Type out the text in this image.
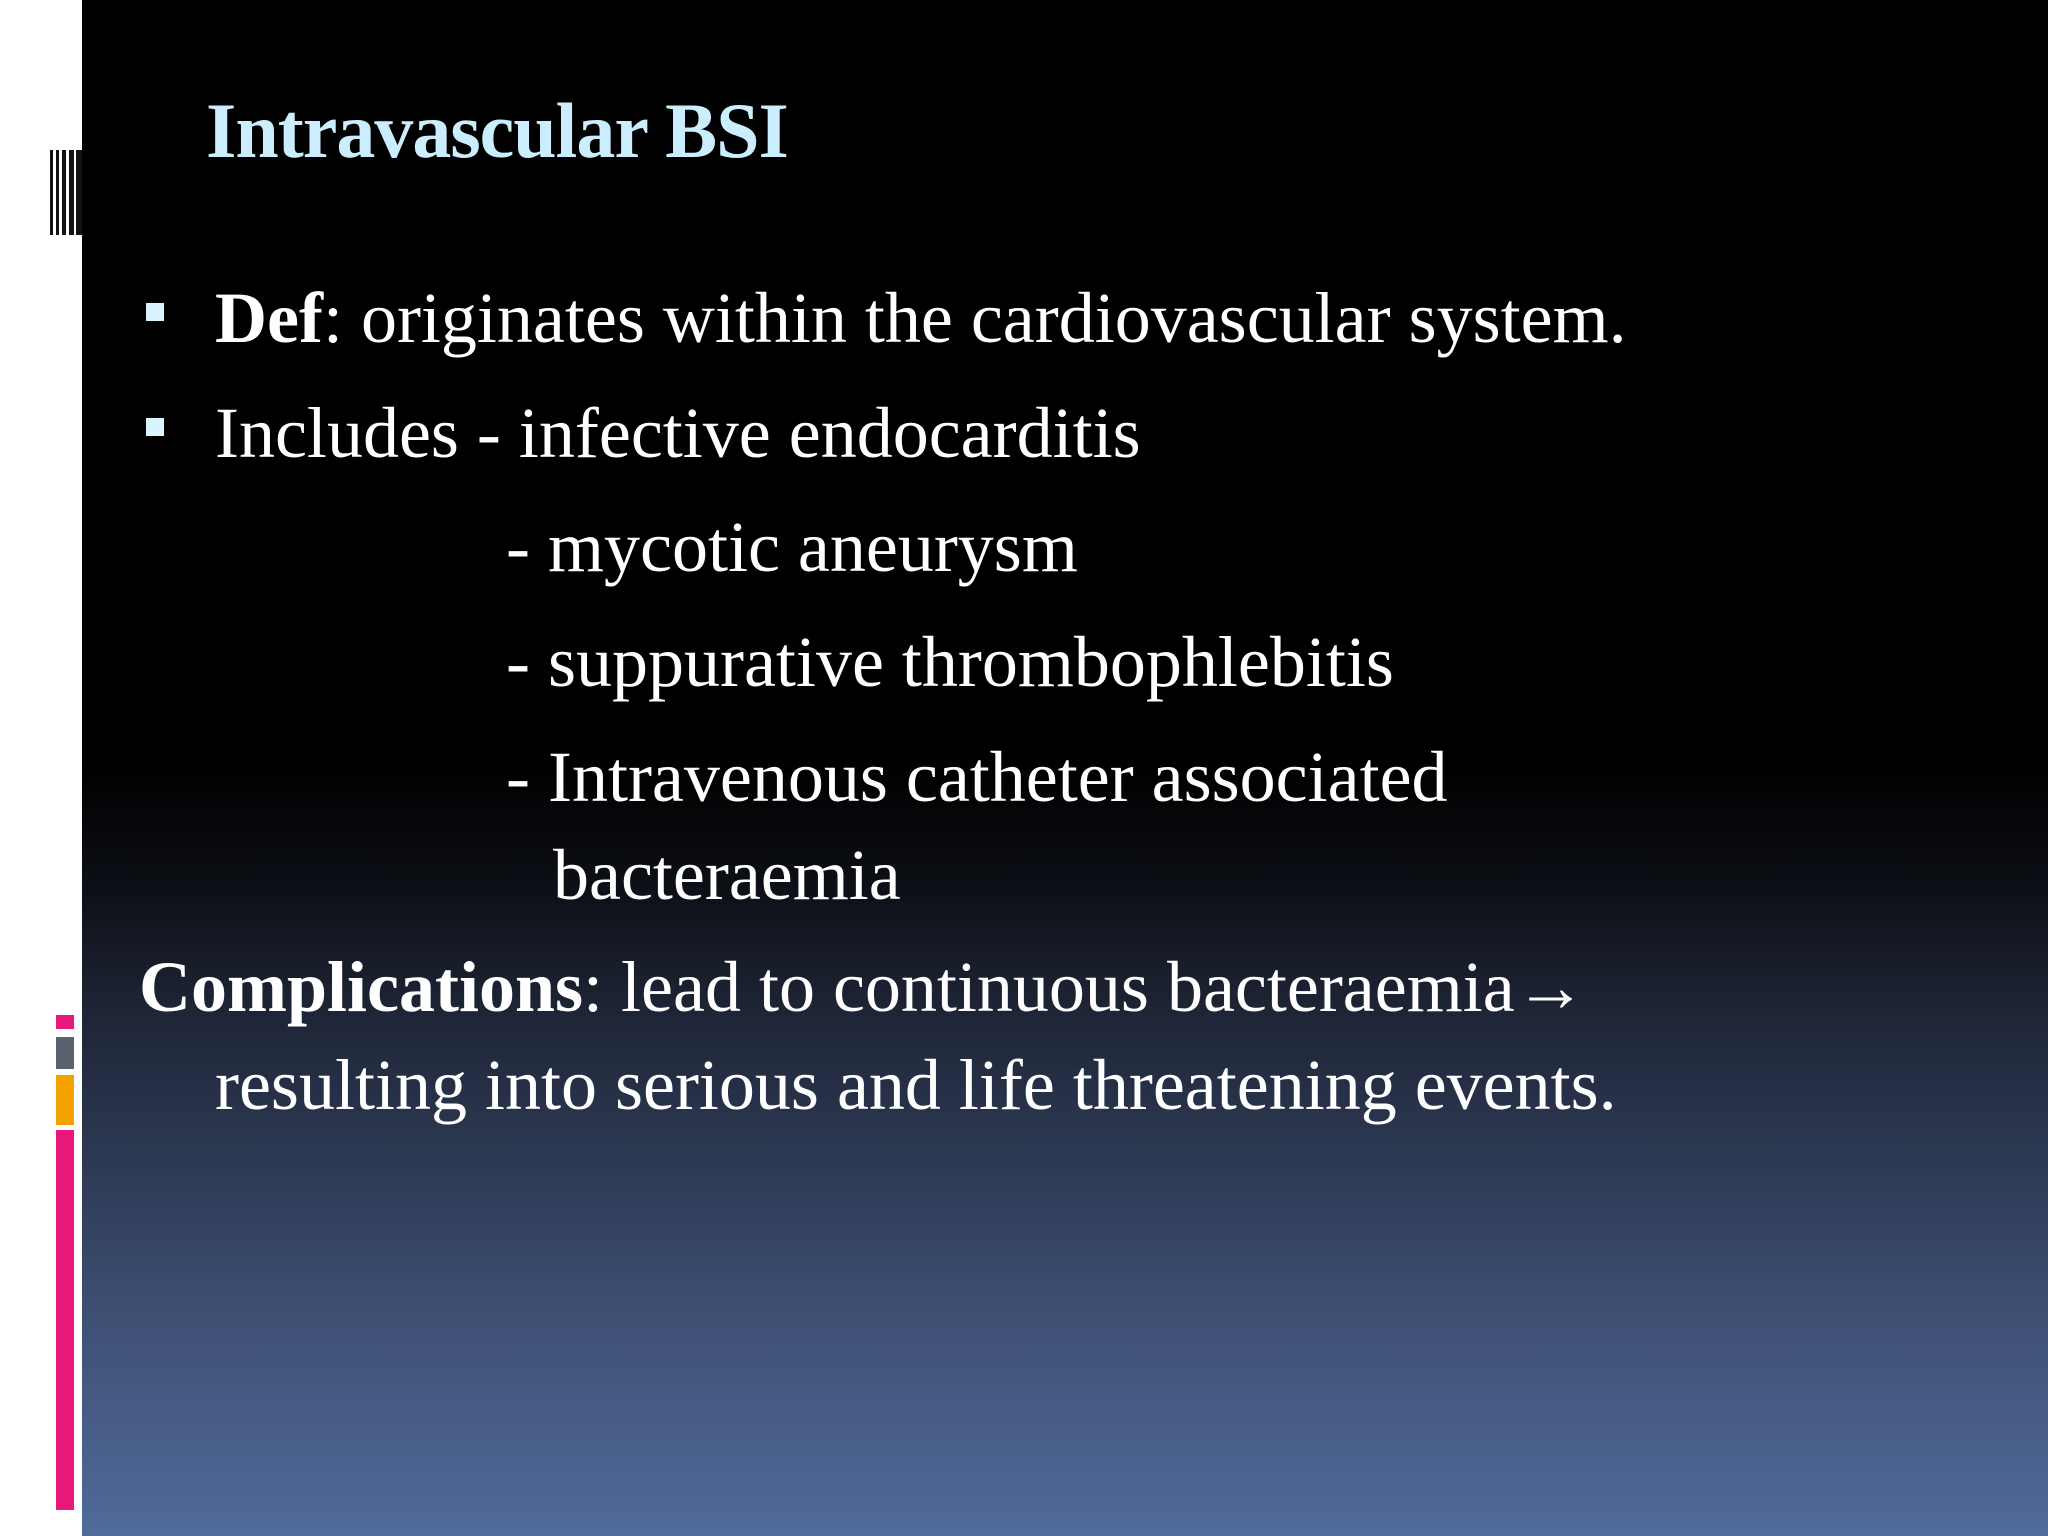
Intravascular BSI
Def: originates within the cardiovascular system.
Includes - infective endocarditis
- mycotic aneurysm
- suppurative thrombophlebitis
- Intravenous catheter associated
bacteraemia
Complications: lead to continuous bacteraemia→
resulting into serious and life threatening events.
